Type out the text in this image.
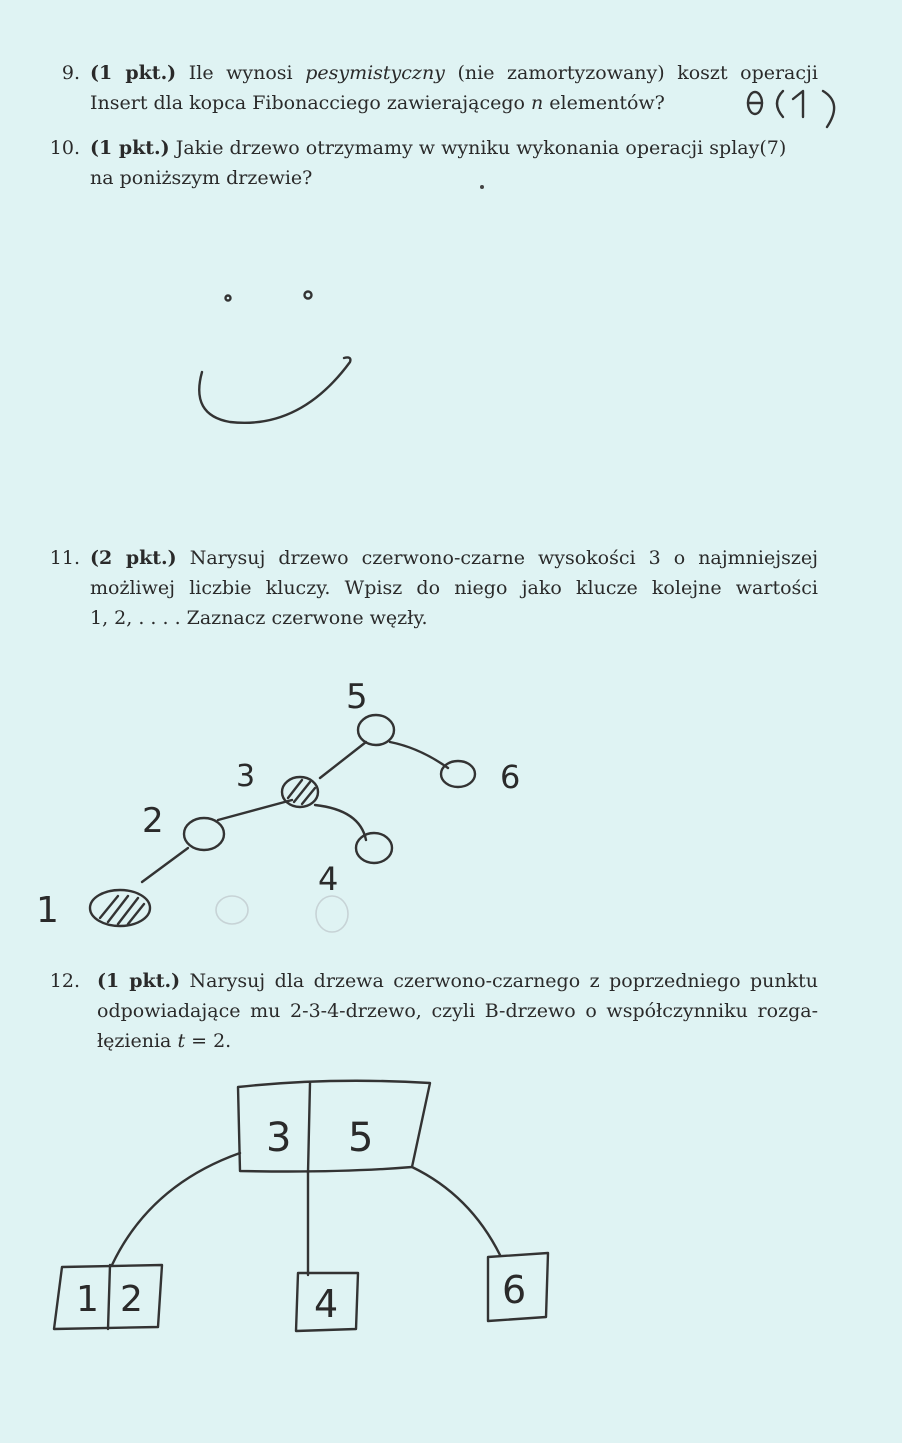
9. (1 pkt.) Ile wynosi pesymistyczny (nie zamortyzowany) koszt operacji
Insert dla kopca Fibonacciego zawierającego n elementów?
10. (1 pkt.) Jakie drzewo otrzymamy w wyniku wykonania operacji splay(7)
na poniższym drzewie?
11. (2 pkt.) Narysuj drzewo czerwono-czarne wysokości 3 o najmniejszej
możliwej liczbie kluczy. Wpisz do niego jako klucze kolejne wartości
1, 2, . . . . Zaznacz czerwone węzły.
5
3	6
2
4
1
12. (1 pkt.) Narysuj dla drzewa czerwono-czarnego z poprzedniego punktu
odpowiadające mu 2-3-4-drzewo, czyli B-drzewo o współczynniku rozga-
łęzienia t = 2.
3 5
1 2	4	6
